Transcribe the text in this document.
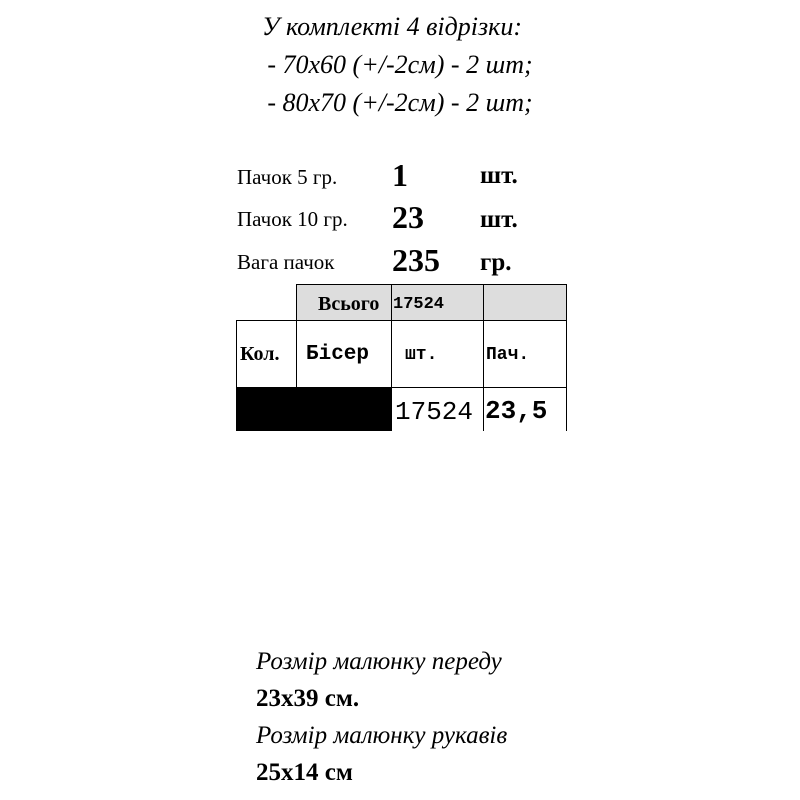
У комплекті 4 відрізки:
- 70х60 (+/-2см) - 2 шт;
- 80х70 (+/-2см) - 2 шт;
Пачок 5 гр. 1	шт.
Пачок 10 гр. 23 шт.
Вага пачок 235 гр.
Всього 17524
Кол. Бісер шт.	Пач.
17524 23,5
Розмір малюнку переду
23х39 см.
Розмір малюнку рукавів
25х14 см
